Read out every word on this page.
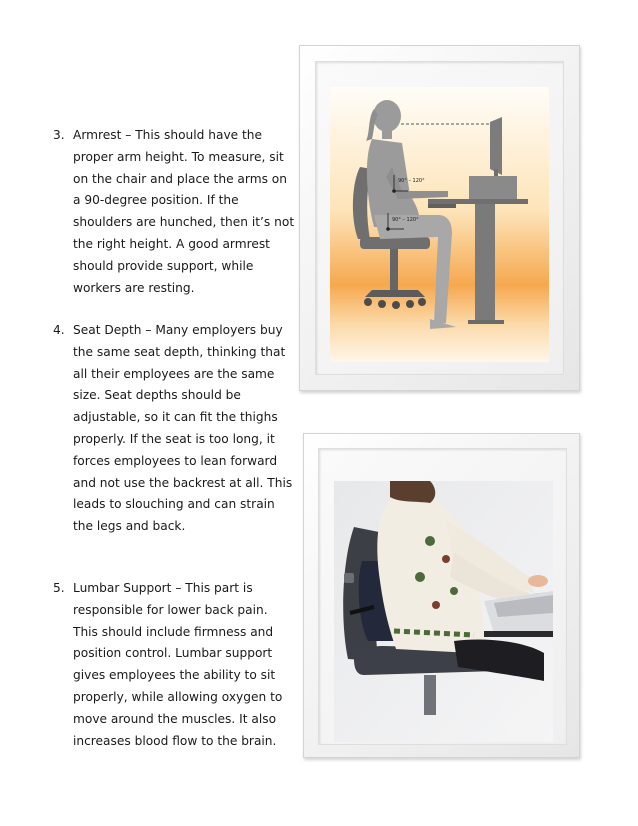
3. Armrest – This should have the
proper arm height. To measure, sit
on the chair and place the arms on
a 90-degree position. If the
shoulders are hunched, then it’s not
the right height. A good armrest
should provide support, while
workers are resting.
4. Seat Depth – Many employers buy
the same seat depth, thinking that
all their employees are the same
size. Seat depths should be
adjustable, so it can fit the thighs
properly. If the seat is too long, it
forces employees to lean forward
and not use the backrest at all. This
leads to slouching and can strain
the legs and back.
5. Lumbar Support – This part is
responsible for lower back pain.
This should include firmness and
position control. Lumbar support
gives employees the ability to sit
properly, while allowing oxygen to
move around the muscles. It also
increases blood flow to the brain.
90° – 120°
90° – 120°
